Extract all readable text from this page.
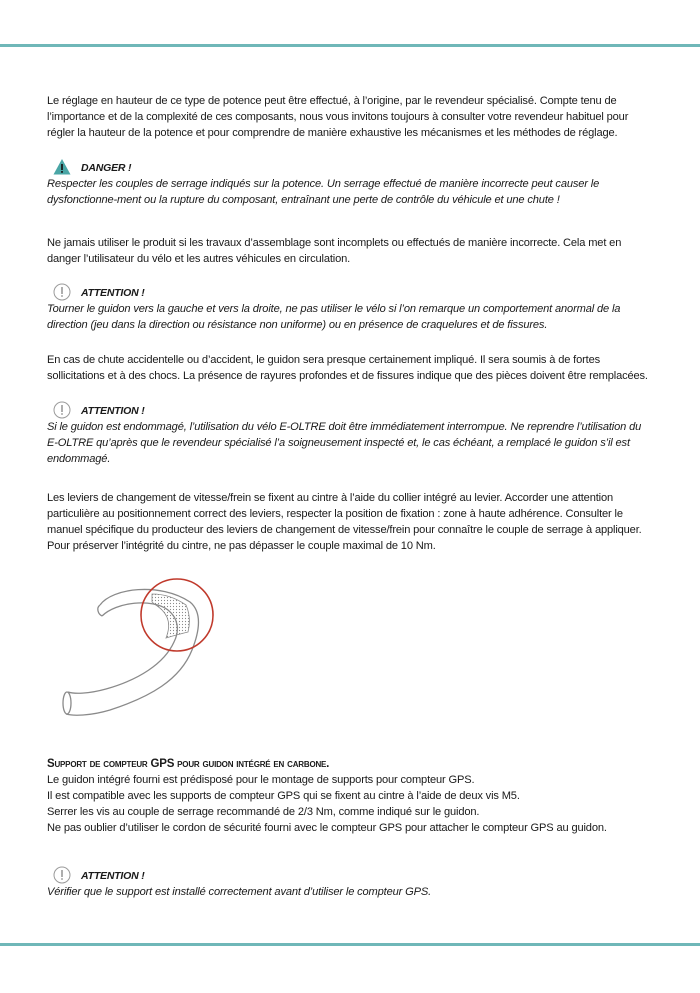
Le réglage en hauteur de ce type de potence peut être effectué, à l’origine, par le revendeur spécialisé. Compte tenu de l’importance et de la complexité de ces composants, nous vous invitons toujours à consulter votre revendeur habituel pour régler la hauteur de la potence et pour comprendre de manière exhaustive les mécanismes et les méthodes de réglage.

DANGER !

Respecter les couples de serrage indiqués sur la potence. Un serrage effectué de manière incorrecte peut causer le dysfonctionne-ment ou la rupture du composant, entraînant une perte de contrôle du véhicule et une chute !

Ne jamais utiliser le produit si les travaux d’assemblage sont incomplets ou effectués de manière incorrecte. Cela met en danger l’utilisateur du vélo et les autres véhicules en circulation.

ATTENTION !

Tourner le guidon vers la gauche et vers la droite, ne pas utiliser le vélo si l’on remarque un comportement anormal de la direction (jeu dans la direction ou résistance non uniforme) ou en présence de craquelures et de fissures.

En cas de chute accidentelle ou d’accident, le guidon sera presque certainement impliqué. Il sera soumis à de fortes sollicitations et à des chocs. La présence de rayures profondes et de fissures indique que des pièces doivent être remplacées.

ATTENTION !

Si le guidon est endommagé, l’utilisation du vélo E-OLTRE doit être immédiatement interrompue. Ne reprendre l’utilisation du E-OLTRE qu’après que le revendeur spécialisé l’a soigneusement inspecté et, le cas échéant, a remplacé le guidon s’il est endommagé.

Les leviers de changement de vitesse/frein se fixent au cintre à l’aide du collier intégré au levier. Accorder une attention particulière au positionnement correct des leviers, respecter la position de fixation : zone à haute adhérence. Consulter le manuel spécifique du producteur des leviers de changement de vitesse/frein pour connaître le couple de serrage à appliquer. Pour préserver l’intégrité du cintre, ne pas dépasser le couple maximal de 10 Nm.

Support de compteur GPS pour guidon intégré en carbone.

Le guidon intégré fourni est prédisposé pour le montage de supports pour compteur GPS.

Il est compatible avec les supports de compteur GPS qui se fixent au cintre à l’aide de deux vis M5.

Serrer les vis au couple de serrage recommandé de 2/3 Nm, comme indiqué sur le guidon.

Ne pas oublier d’utiliser le cordon de sécurité fourni avec le compteur GPS pour attacher le compteur GPS au guidon.

ATTENTION !

Vérifier que le support est installé correctement avant d’utiliser le compteur GPS.
